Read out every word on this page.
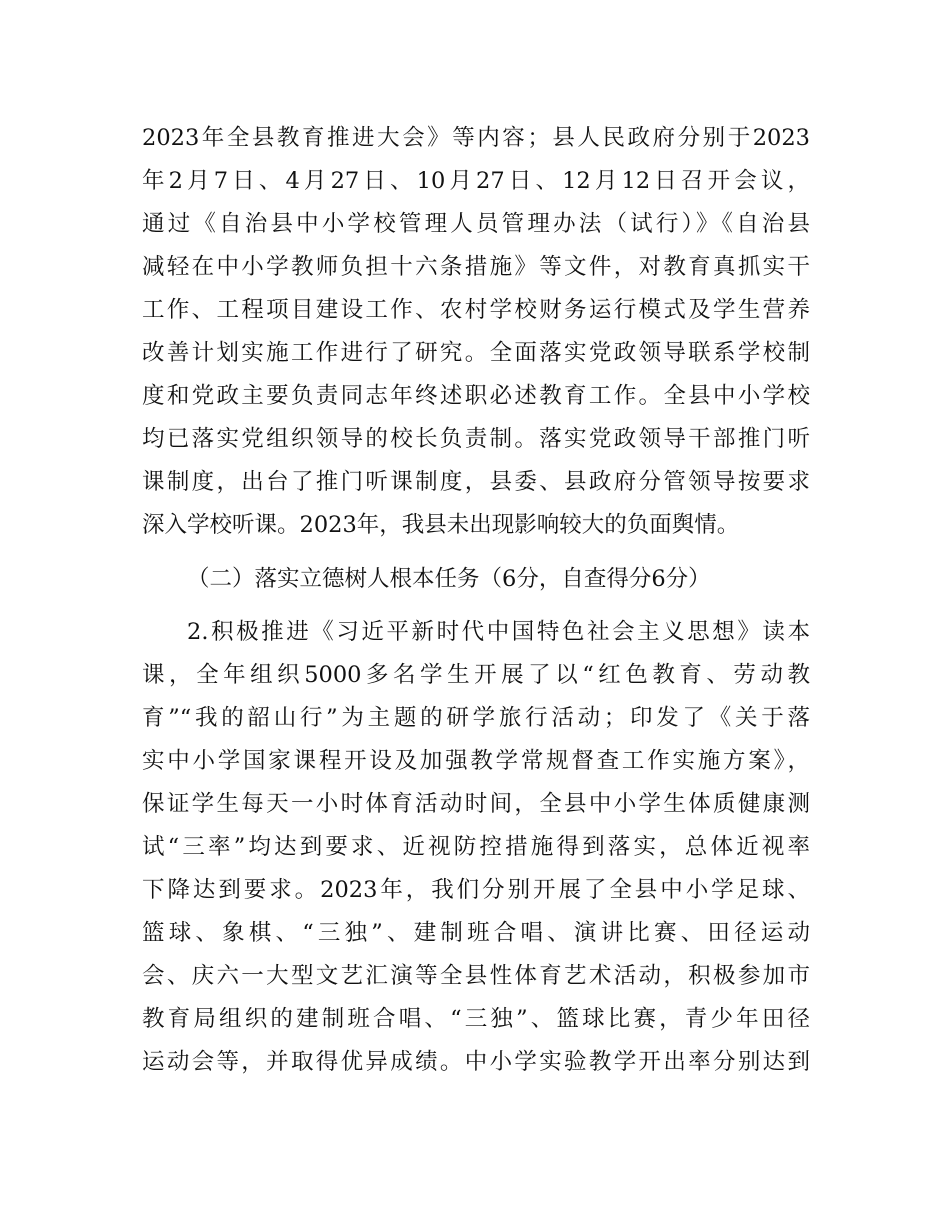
2023年全县教育推进大会》等内容；县人民政府分别于2023
年2月7日、4月27日、10月27日、12月12日召开会议，
通过《自治县中小学校管理人员管理办法（试行）》《自治县
减轻在中小学教师负担十六条措施》等文件，对教育真抓实干
工作、工程项目建设工作、农村学校财务运行模式及学生营养
改善计划实施工作进行了研究。全面落实党政领导联系学校制
度和党政主要负责同志年终述职必述教育工作。全县中小学校
均已落实党组织领导的校长负责制。落实党政领导干部推门听
课制度，出台了推门听课制度，县委、县政府分管领导按要求
深入学校听课。2023年，我县未出现影响较大的负面舆情。
（二）落实立德树人根本任务（6分，自查得分6分）
2.积极推进《习近平新时代中国特色社会主义思想》读本
课，全年组织5000多名学生开展了以“红色教育、劳动教
育”“我的韶山行”为主题的研学旅行活动；印发了《关于落
实中小学国家课程开设及加强教学常规督查工作实施方案》，
保证学生每天一小时体育活动时间，全县中小学生体质健康测
试“三率”均达到要求、近视防控措施得到落实，总体近视率
下降达到要求。2023年，我们分别开展了全县中小学足球、
篮球、象棋、“三独”、建制班合唱、演讲比赛、田径运动
会、庆六一大型文艺汇演等全县性体育艺术活动，积极参加市
教育局组织的建制班合唱、“三独”、篮球比赛，青少年田径
运动会等，并取得优异成绩。中小学实验教学开出率分别达到
